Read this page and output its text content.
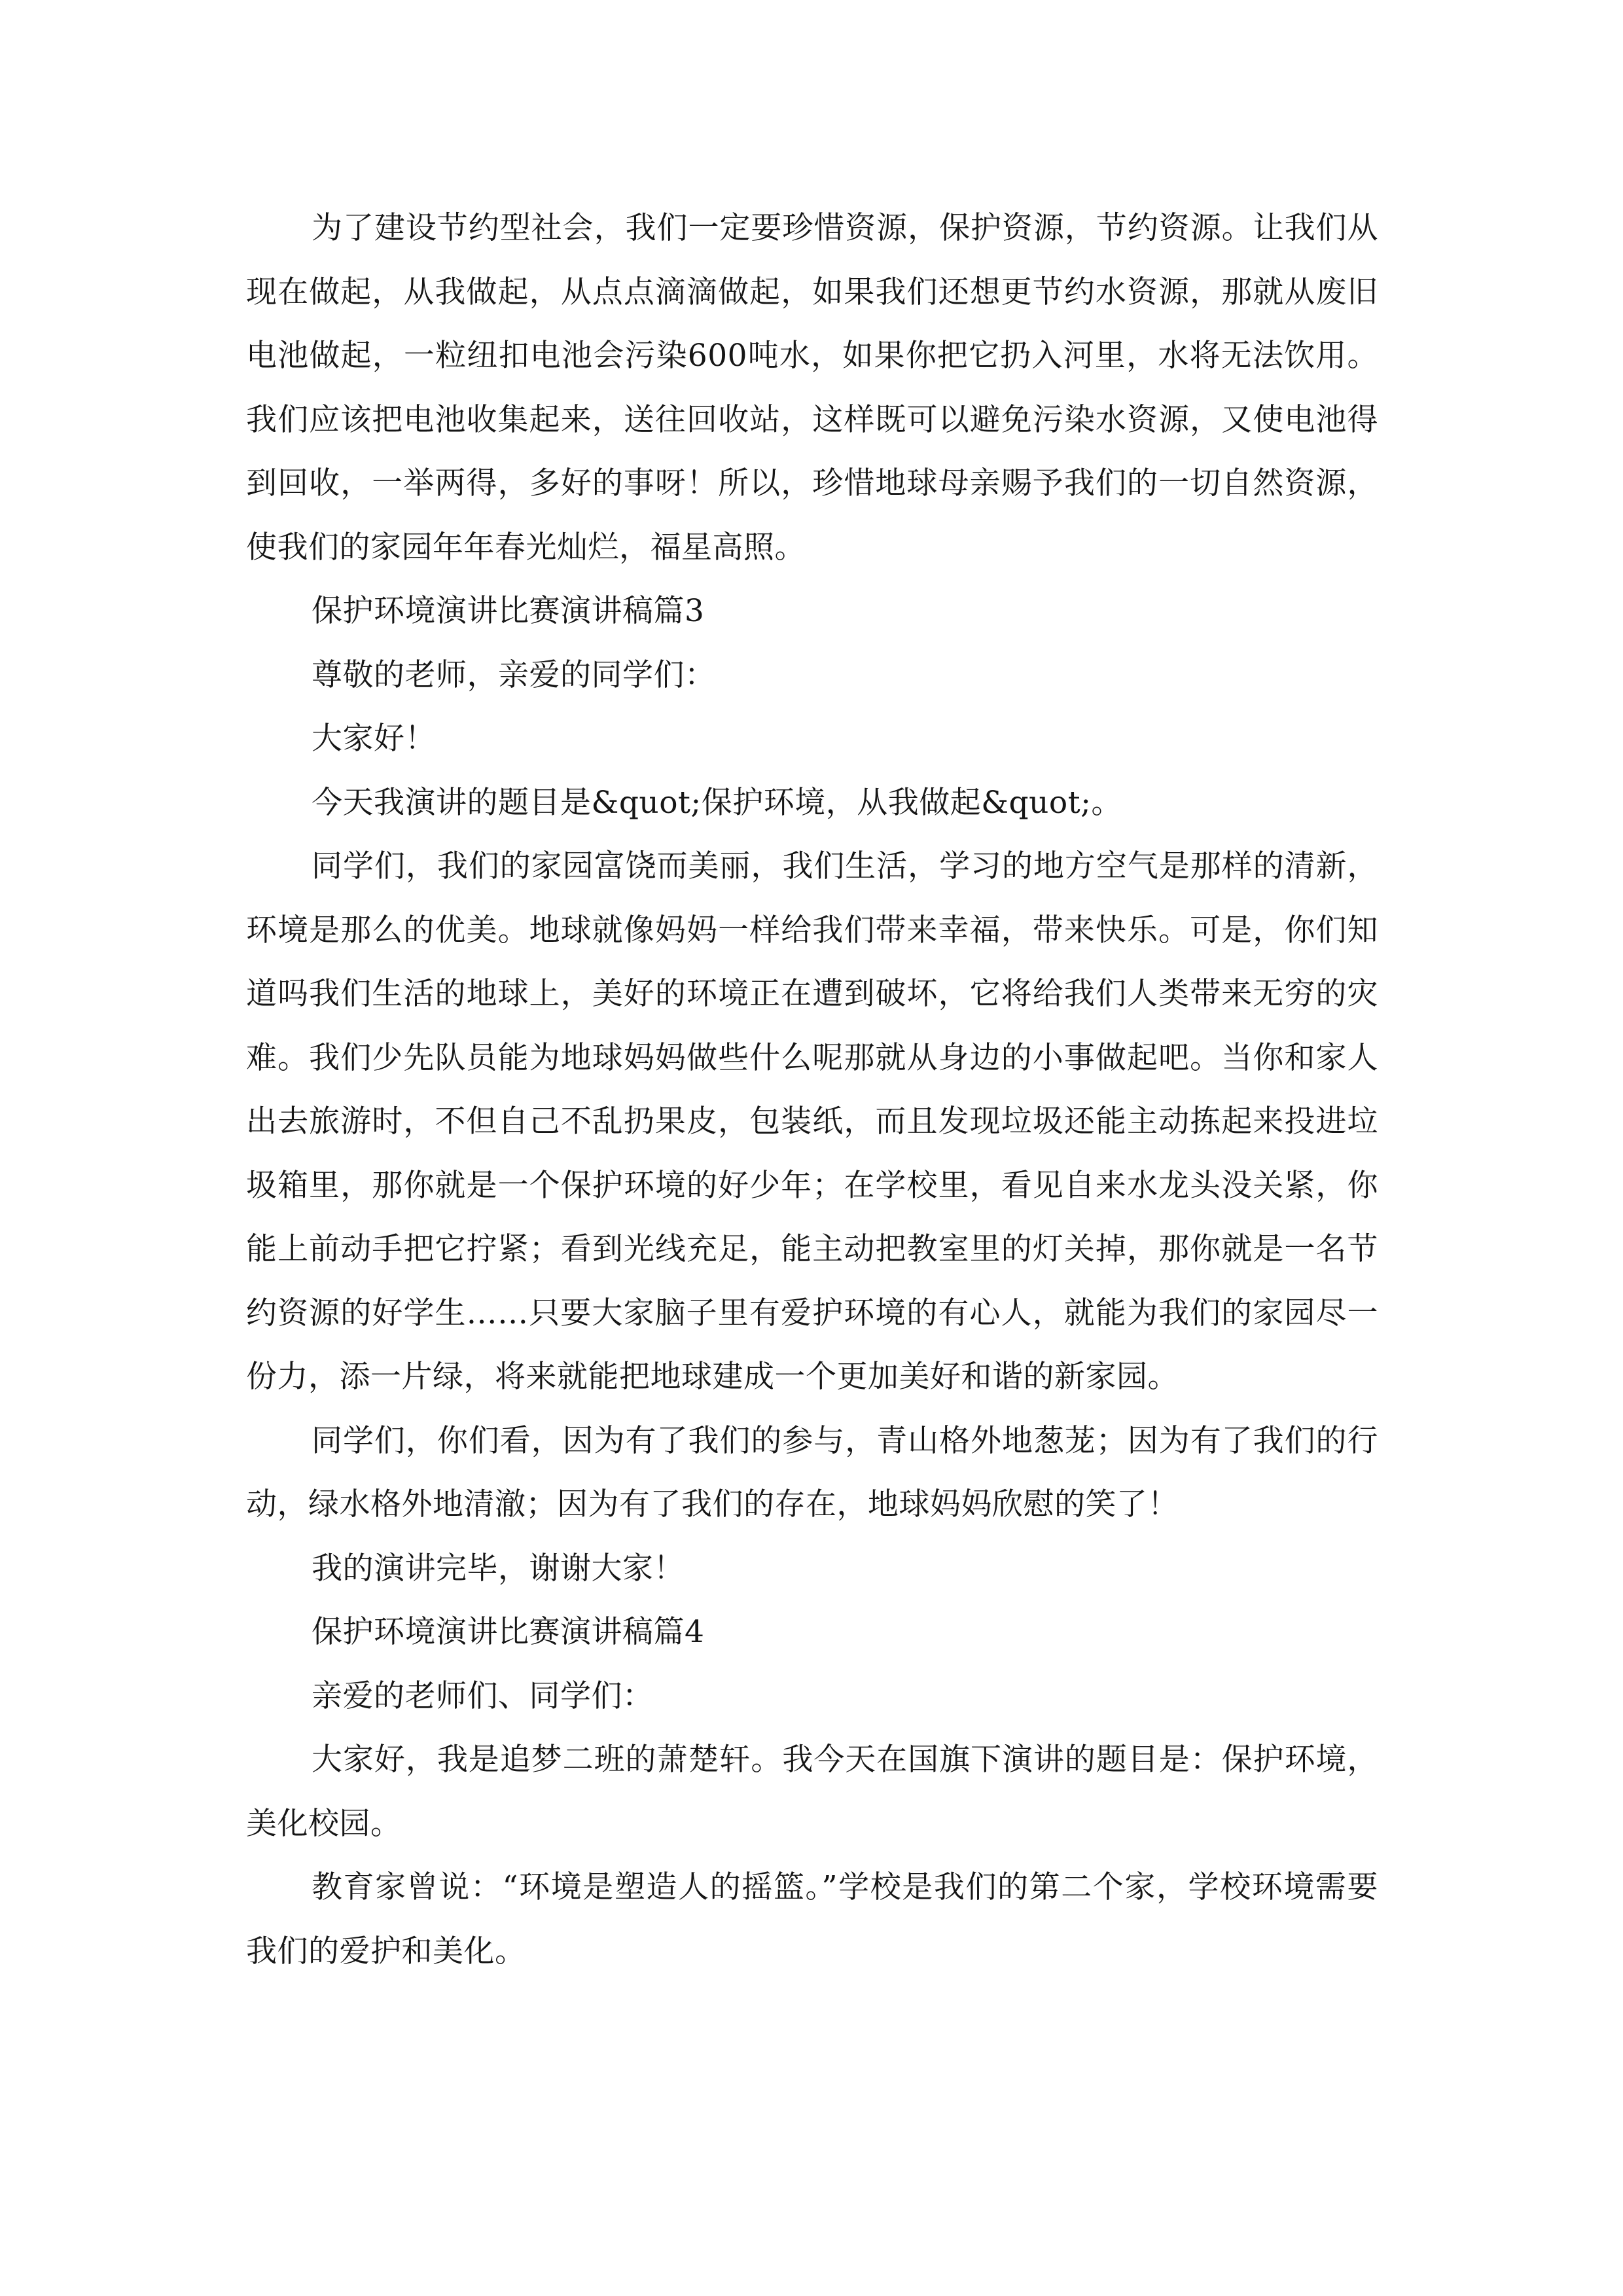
为了建设节约型社会，我们一定要珍惜资源，保护资源，节约资源。让我们从现在做起，从我做起，从点点滴滴做起，如果我们还想更节约水资源，那就从废旧电池做起，一粒纽扣电池会污染600吨水，如果你把它扔入河里，水将无法饮用。我们应该把电池收集起来，送往回收站，这样既可以避免污染水资源，又使电池得到回收，一举两得，多好的事呀！所以，珍惜地球母亲赐予我们的一切自然资源，使我们的家园年年春光灿烂，福星高照。

保护环境演讲比赛演讲稿篇3

尊敬的老师，亲爱的同学们：

大家好！

今天我演讲的题目是&quot;保护环境，从我做起&quot;。

同学们，我们的家园富饶而美丽，我们生活，学习的地方空气是那样的清新，环境是那么的优美。地球就像妈妈一样给我们带来幸福，带来快乐。可是，你们知道吗我们生活的地球上，美好的环境正在遭到破坏，它将给我们人类带来无穷的灾难。我们少先队员能为地球妈妈做些什么呢那就从身边的小事做起吧。当你和家人出去旅游时，不但自己不乱扔果皮，包装纸，而且发现垃圾还能主动拣起来投进垃圾箱里，那你就是一个保护环境的好少年；在学校里，看见自来水龙头没关紧，你能上前动手把它拧紧；看到光线充足，能主动把教室里的灯关掉，那你就是一名节约资源的好学生……只要大家脑子里有爱护环境的有心人，就能为我们的家园尽一份力，添一片绿，将来就能把地球建成一个更加美好和谐的新家园。

同学们，你们看，因为有了我们的参与，青山格外地葱茏；因为有了我们的行动，绿水格外地清澈；因为有了我们的存在，地球妈妈欣慰的笑了！

我的演讲完毕，谢谢大家！

保护环境演讲比赛演讲稿篇4

亲爱的老师们、同学们：

大家好，我是追梦二班的萧楚轩。我今天在国旗下演讲的题目是：保护环境，美化校园。

教育家曾说：“环境是塑造人的摇篮。”学校是我们的第二个家，学校环境需要我们的爱护和美化。
